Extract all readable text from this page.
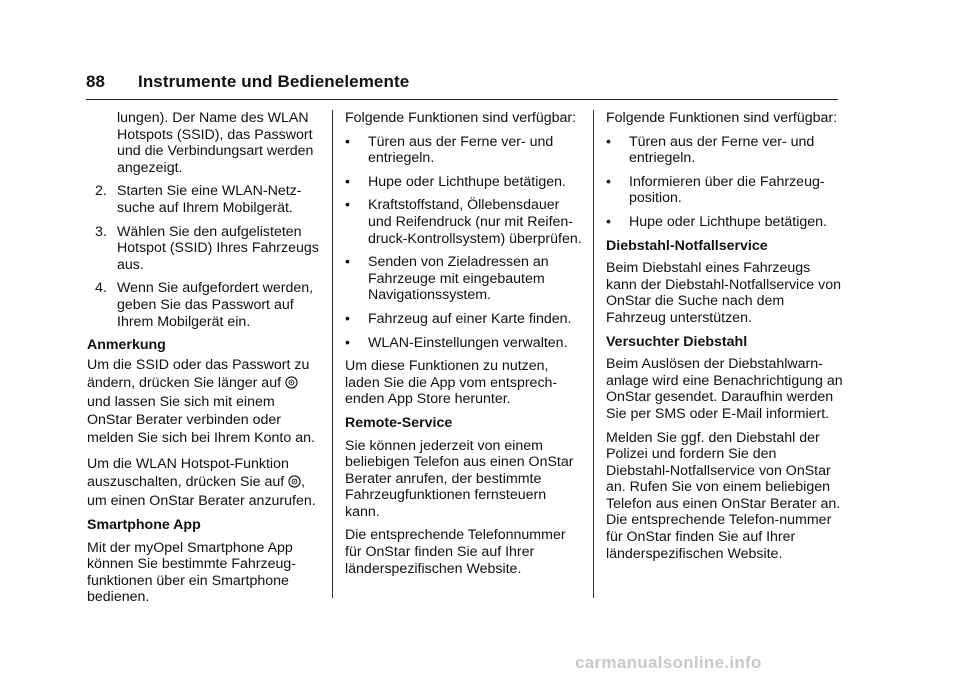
88 Instrumente und Bedienelemente

lungen). Der Name des WLAN Hotspots (SSID), das Passwort und die Verbindungsart werden angezeigt.

2. Starten Sie eine WLAN-Netz-suche auf Ihrem Mobilgerät.
3. Wählen Sie den aufgelisteten Hotspot (SSID) Ihres Fahrzeugs aus.
4. Wenn Sie aufgefordert werden, geben Sie das Passwort auf Ihrem Mobilgerät ein.
Anmerkung

Um die SSID oder das Passwort zu ändern, drücken Sie länger auf  und lassen Sie sich mit einem OnStar Berater verbinden oder melden Sie sich bei Ihrem Konto an.

Um die WLAN Hotspot-Funktion auszuschalten, drücken Sie auf , um einen OnStar Berater anzurufen.

Smartphone App

Mit der myOpel Smartphone App können Sie bestimmte Fahrzeug-funktionen über ein Smartphone bedienen.

Folgende Funktionen sind verfügbar:

•	Türen aus der Ferne ver- und entriegeln.
•	Hupe oder Lichthupe betätigen.
•	Kraftstoffstand, Öllebensdauer und Reifendruck (nur mit Reifen-druck-Kontrollsystem) überprüfen.
•	Senden von Zieladressen an Fahrzeuge mit eingebautem Navigationssystem.
•	Fahrzeug auf einer Karte finden.
•	WLAN-Einstellungen verwalten.

Um diese Funktionen zu nutzen, laden Sie die App vom entsprech-enden App Store herunter.

Remote-Service

Sie können jederzeit von einem beliebigen Telefon aus einen OnStar Berater anrufen, der bestimmte Fahrzeugfunktionen fernsteuern kann.

Die entsprechende Telefonnummer für OnStar finden Sie auf Ihrer länderspezifischen Website.

Folgende Funktionen sind verfügbar:

•	Türen aus der Ferne ver- und entriegeln.
•	Informieren über die Fahrzeug-position.
•	Hupe oder Lichthupe betätigen.
Diebstahl-Notfallservice

Beim Diebstahl eines Fahrzeugs kann der Diebstahl-Notfallservice von OnStar die Suche nach dem Fahrzeug unterstützen.

Versuchter Diebstahl

Beim Auslösen der Diebstahlwarn-anlage wird eine Benachrichtigung an OnStar gesendet. Daraufhin werden Sie per SMS oder E-Mail informiert.

Melden Sie ggf. den Diebstahl der Polizei und fordern Sie den Diebstahl-Notfallservice von OnStar an. Rufen Sie von einem beliebigen Telefon aus einen OnStar Berater an. Die entsprechende Telefon-nummer für OnStar finden Sie auf Ihrer länderspezifischen Website.

carmanualsonline.info
